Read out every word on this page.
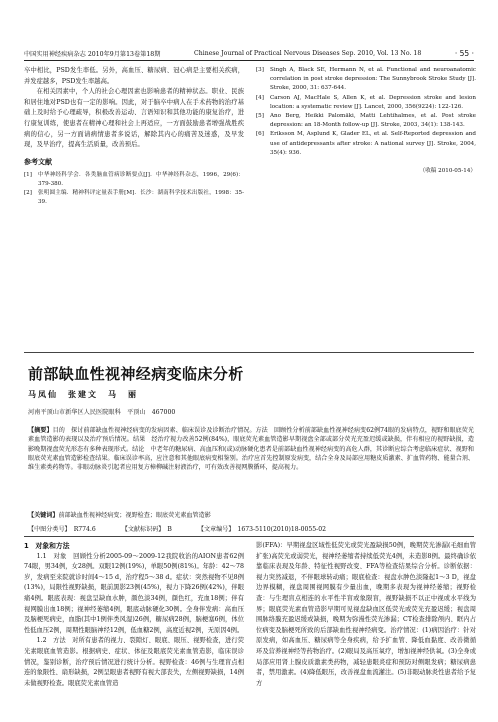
中国实用神经疾病杂志 2010年9月第13卷第18期	Chinese Journal of Practical Nervous Diseases Sep. 2010, Vol. 13 No. 18	· 55 ·

卒中相比，PSD发生率低。另外，高血压、糖尿病、冠心病是主要相关疾病，并发症越多，PSD发生率越高。

在相关因素中，个人的社会心理因素也影响患者的精神状态。职业、民族和居住地对PSD也有一定的影响。因此，对于脑卒中病人在手术药物的治疗基础上及时给予心理疏导，积极改善运动、言语知识和其他功能的康复治疗，进行康复训练，使患者在精神心理和社会上再适应，一方面鼓励患者增强战胜疾病的信心，另一方面请病情患者多说话，解除其内心的痛苦及迷惑，及早发现，及早治疗，提高生活质量，改善预后。

参考文献
[1]	中华神经科学会．各类脑血管病诊断要点[J]．中华神经科杂志，1996，29(6)：379-380.
[2]	张明圆主编．精神科评定量表手册[M]．长沙：湖南科学技术出版社，1998：35-39.
[3]	Singh A, Black SE, Hermann N, et al. Functional and neuroanatomic correlation in post stroke depression: The Sunnybrook Stroke Study [J]. Stroke, 2000, 31: 637-644.
[4]	Carson AJ, MacHale S, Allen K, et al. Depression stroke and lesion location: a systematic review [J]. Lancet, 2000, 356(9224): 122-126.
[5]	Ano Berg, Heikki Palomäki, Matti Lehtihalmes, et al. Post stroke depression: an 18-Month follow-up [J]. Stroke, 2003, 34(1): 138-143.
[6]	Eriksson M, Asplund K, Glader EL, et al. Self-Reported depression and use of antidepressants after stroke: A national survey [J]. Stroke, 2004, 35(4): 936.
（收稿 2010-05-14）
前部缺血性视神经病变临床分析
马凤仙　张建文　马　丽
河南平顶山市新华区人民医院眼科　平顶山　467000

【摘要】目的　探讨前部缺血性视神经病变的发病因素、临床误诊及诊断治疗情况。方法　回顾性分析前部缺血性视神经病变62例74眼的发病特点，视野和眼底荧光素血管造影的表现以及治疗预后情况。结果　经治疗视力改善52例(84%)，眼底荧光素血管造影早期视盘全部或部分荧光充盈迟缓或缺损，伴有相应的视野缺损，造影晚期视盘荧光形态有多种表现形式。结论　中老年的糖尿病、高血压和(或)动脉硬化患者是前部缺血性视神经病变的高危人群，其诊断应综合考虑临床症状、视野和眼底荧光素血管造影检查结果。临床误诊率高，应注意和其他眼底病变相鉴别。治疗应首先控制原发病变，结合全身及局部应用糖皮质激素、扩血管药物、能量合剂、维生素类药物等。非眼动脉炎引起者应用复方樟柳碱注射液治疗，可有效改善视网膜循环，提高视力。

【关键词】前部缺血性视神经病变；视野检查；眼底荧光素血管造影
【中图分类号】　R774.6	【文献标识码】　B	【文章编号】　1673-5110(2010)18-0055-02
1　对象和方法

1.1　对象　回顾性分析2005-09～2009-12我院收治的AION患者62例74眼，男34例，女28例。双眼12例(19%)，单眼50例(81%)。年龄：42～78岁，发病至来院就诊时间4～15 d，治疗程5～38 d。症状：突然视物不见8例(13%)，局限性视野缺损，眼前黑影23例(45%)，视力下降26例(42%)，伴眼痛4例。眼底表现：视盘呈缺血水肿，颜色淡34例，颜色红，充血18例；伴有视网膜出血18例；视神经萎缩4例，眼底动脉硬化30例。全身伴发病：高血压及脑梗死病史，血脂(其中1例伴类风湿)26例，糖尿病28例，脑梗塞6例，体位性低血压2例，周期性眼脑神经12例，低血糖2例，高度近视2例，无原因4例。

1.2　方法　对所有患者的视力、裂隙灯、眼底、眼压、视野检查，进行荧光素眼底血管造影。根据病史、症状、体征及眼底荧光素血管造影，临床误诊情况，鉴别诊断，治疗预后情况进行统计分析。视野检查：46例与生理盲点相连的象限性、扇形缺损，2例呈眼患者视野有视大部丧失，左侧视野缺损，14例未做视野检查。眼底荧光素血管造

影(FFA)：早期视盘区域性低荧光或荧光盈缺损50例，晚期荧光渗漏(毛细血管扩张)高荧光或弱荧光，视神经萎缩者持续低荧光4例，未造影8例。最终确诊依靠临床表现及年龄、特征性视野改变、FFA等检查结果综合分析。诊断依据：视力突然减退，不伴眼球转动痛；眼底检查：视盘水肿色淡隆起1～3 D，视盘边界模糊，视盘周围视网膜有少量出血，晚期多表现为视神经萎缩；视野检查：与生理盲点相连的水平性半盲或象限盲，视野缺损不以正中视或水平线为界；眼底荧光素血管造影早期可见视盘缺血区低荧光或荧光充盈迟缓；视盘周围脉络膜充盈迟缓或缺损，晚期为弥漫性荧光渗漏；CT检查排除颅内、眶内占位病变及脑梗死所致的后部缺血性视神经病变。治疗情况：(1)病因治疗：针对原发病，如高血压、糖尿病等全身疾病，给予扩血管、降低血黏度、改善微循环及营养视神经等药物治疗。(2)眼局及高压氧疗，增加视神经供氧。(3)全身或局部应用肾上腺皮质激素类药物，减轻患眼炎症和预防对侧眼发病；糖尿病患者，禁用激素。(4)降低眼压，改善视盘血流灌注。(5)非眼动脉炎性患者给予复方
